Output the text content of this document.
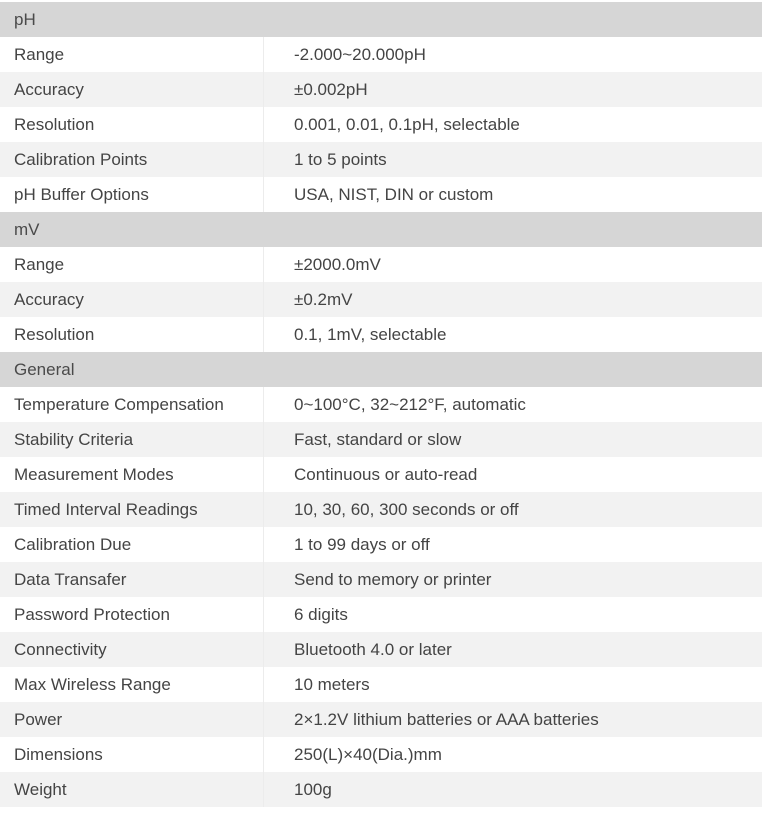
pH
Range	-2.000~20.000pH
Accuracy	±0.002pH
Resolution	0.001, 0.01, 0.1pH, selectable
Calibration Points	1 to 5 points
pH Buffer Options	USA, NIST, DIN or custom
mV
Range	±2000.0mV
Accuracy	±0.2mV
Resolution	0.1, 1mV, selectable
General
Temperature Compensation	0~100°C, 32~212°F, automatic
Stability Criteria	Fast, standard or slow
Measurement Modes	Continuous or auto-read
Timed Interval Readings	10, 30, 60, 300 seconds or off
Calibration Due	1 to 99 days or off
Data Transafer	Send to memory or printer
Password Protection	6 digits
Connectivity	Bluetooth 4.0 or later
Max Wireless Range	10 meters
Power	2×1.2V lithium batteries or AAA batteries
Dimensions	250(L)×40(Dia.)mm
Weight	100g
